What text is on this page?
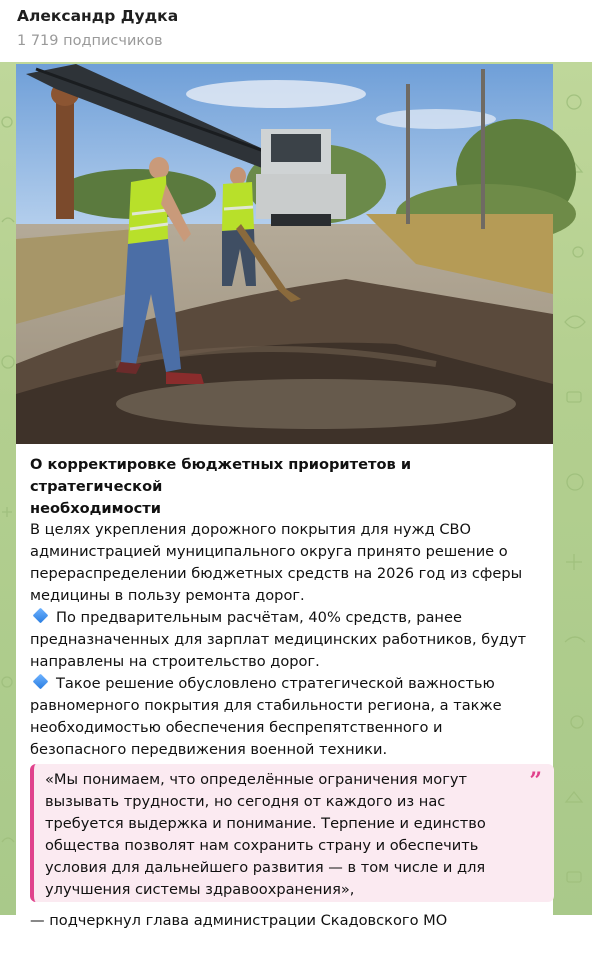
Александр Дудка
1 719 подписчиков
О корректировке бюджетных приоритетов и стратегической
необходимости
В целях укрепления дорожного покрытия для нужд СВО
администрацией муниципального округа принято решение о
перераспределении бюджетных средств на 2026 год из сферы
медицины в пользу ремонта дорог.
По предварительным расчётам, 40% средств, ранее
предназначенных для зарплат медицинских работников, будут
направлены на строительство дорог.
Такое решение обусловлено стратегической важностью
равномерного покрытия для стабильности региона, а также
необходимостью обеспечения беспрепятственного и
безопасного передвижения военной техники.
«Мы понимаем, что определённые ограничения могут
вызывать трудности, но сегодня от каждого из нас
требуется выдержка и понимание. Терпение и единство
общества позволят нам сохранить страну и обеспечить
условия для дальнейшего развития — в том числе и для
улучшения системы здравоохранения»,
”
— подчеркнул глава администрации Скадовского МО
